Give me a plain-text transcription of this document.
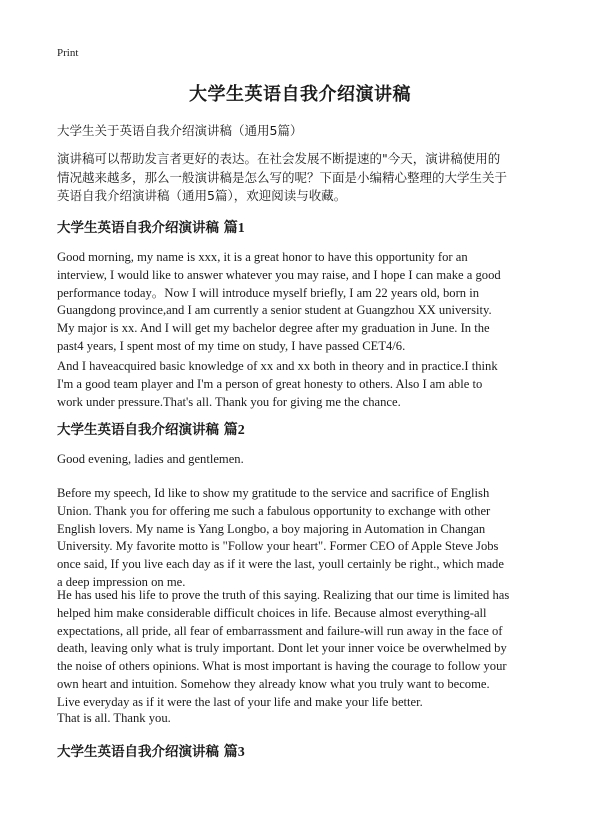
Print
大学生英语自我介绍演讲稿
大学生关于英语自我介绍演讲稿（通用5篇）
演讲稿可以帮助发言者更好的表达。在社会发展不断提速的"今天，演讲稿使用的
情况越来越多，那么一般演讲稿是怎么写的呢？下面是小编精心整理的大学生关于
英语自我介绍演讲稿（通用5篇），欢迎阅读与收藏。
大学生英语自我介绍演讲稿 篇1
Good morning, my name is xxx, it is a great honor to have this opportunity for an
interview, I would like to answer whatever you may raise, and I hope I can make a good
performance today。Now I will introduce myself briefly, I am 22 years old, born in
Guangdong province,and I am currently a senior student at Guangzhou XX university.
My major is xx. And I will get my bachelor degree after my graduation in June. In the
past4 years, I spent most of my time on study, I have passed CET4/6.
And I haveacquired basic knowledge of xx and xx both in theory and in practice.I think
I'm a good team player and I'm a person of great honesty to others. Also I am able to
work under pressure.That's all. Thank you for giving me the chance.
大学生英语自我介绍演讲稿 篇2
Good evening, ladies and gentlemen.
Before my speech, Id like to show my gratitude to the service and sacrifice of English
Union. Thank you for offering me such a fabulous opportunity to exchange with other
English lovers. My name is Yang Longbo, a boy majoring in Automation in Changan
University. My favorite motto is "Follow your heart". Former CEO of Apple Steve Jobs
once said, If you live each day as if it were the last, youll certainly be right., which made
a deep impression on me.
He has used his life to prove the truth of this saying. Realizing that our time is limited has
helped him make considerable difficult choices in life. Because almost everything-all
expectations, all pride, all fear of embarrassment and failure-will run away in the face of
death, leaving only what is truly important. Dont let your inner voice be overwhelmed by
the noise of others opinions. What is most important is having the courage to follow your
own heart and intuition. Somehow they already know what you truly want to become.
Live everyday as if it were the last of your life and make your life better.
That is all. Thank you.
大学生英语自我介绍演讲稿 篇3
